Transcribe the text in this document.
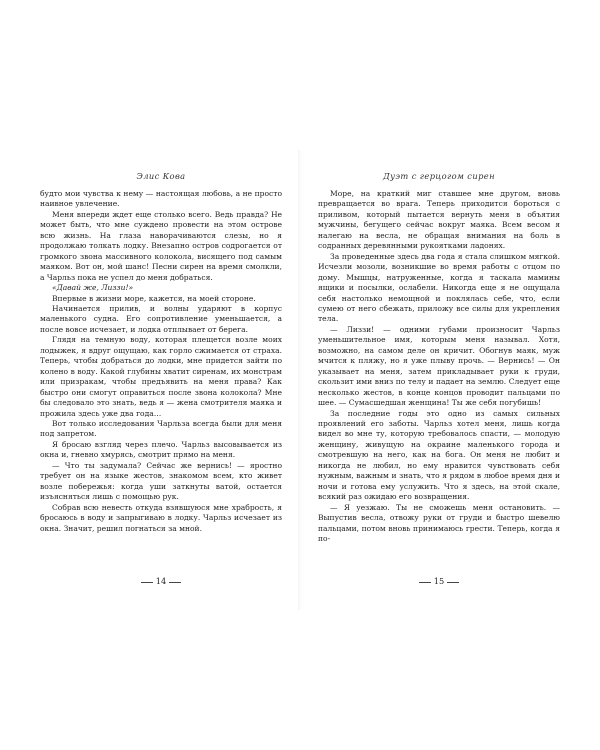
Элис Кова

будто мои чувства к нему — настоящая любовь, а не просто наивное увлечение.

Меня впереди ждет еще столько всего. Ведь правда? Не может быть, что мне суждено провести на этом острове всю жизнь. На глаза наворачиваются слезы, но я продолжаю толкать лодку. Внезапно остров содрогается от громкого звона массивного колокола, висящего под самым маяком. Вот он, мой шанс! Песни сирен на время смолкли, а Чарльз пока не успел до меня добраться.

«Давай же, Лиззи!»

Впервые в жизни море, кажется, на моей стороне.

Начинается прилив, и волны ударяют в корпус маленького судна. Его сопротивление уменьшается, а после вовсе исчезает, и лодка отплывает от берега.

Глядя на темную воду, которая плещется возле моих лодыжек, я вдруг ощущаю, как горло сжимается от страха. Теперь, чтобы добраться до лодки, мне придется зайти по колено в воду. Какой глубины хватит сиренам, их монстрам или призракам, чтобы предъявить на меня права? Как быстро они смогут оправиться после звона колокола? Мне бы следовало это знать, ведь я — жена смотрителя маяка и прожила здесь уже два года…

Вот только исследования Чарльза всегда были для меня под запретом.

Я бросаю взгляд через плечо. Чарльз высовывается из окна и, гневно хмурясь, смотрит прямо на меня.

— Что ты задумала? Сейчас же вернись! — яростно требует он на языке жестов, знакомом всем, кто живет возле побережья: когда уши заткнуты ватой, остается изъясняться лишь с помощью рук.

Собрав всю невесть откуда взявшуюся мне храбрость, я бросаюсь в воду и запрыгиваю в лодку. Чарльз исчезает из окна. Значит, решил погнаться за мной.

14
Дуэт с герцогом сирен

Море, на краткий миг ставшее мне другом, вновь превращается во врага. Теперь приходится бороться с приливом, который пытается вернуть меня в объятия мужчины, бегущего сейчас вокруг маяка. Всем весом я налегаю на весла, не обращая внимания на боль в содранных деревянными рукоятками ладонях.

За проведенные здесь два года я стала слишком мягкой. Исчезли мозоли, возникшие во время работы с отцом по дому. Мышцы, натруженные, когда я таскала мамины ящики и посылки, ослабели. Никогда еще я не ощущала себя настолько немощной и поклялась себе, что, если сумею от него сбежать, приложу все силы для укрепления тела.

— Лиззи! — одними губами произносит Чарльз уменьшительное имя, которым меня называл. Хотя, возможно, на самом деле он кричит. Обогнув маяк, муж мчится к пляжу, но я уже плыву прочь. — Вернись! — Он указывает на меня, затем прикладывает руки к груди, скользит ими вниз по телу и падает на землю. Следует еще несколько жестов, в конце концов проводит пальцами по шее. — Сумасшедшая женщина! Ты же себя погубишь!

За последние годы это одно из самых сильных проявлений его заботы. Чарльз хотел меня, лишь когда видел во мне ту, которую требовалось спасти, — молодую женщину, живущую на окраине маленького города и смотревшую на него, как на бога. Он меня не любит и никогда не любил, но ему нравится чувствовать себя нужным, важным и знать, что я рядом в любое время дня и ночи и готова ему услужить. Что я здесь, на этой скале, всякий раз ожидаю его возвращения.

— Я уезжаю. Ты не сможешь меня остановить. — Выпустив весла, отвожу руки от груди и быстро шевелю пальцами, потом вновь принимаюсь грести. Теперь, когда я по-

15
